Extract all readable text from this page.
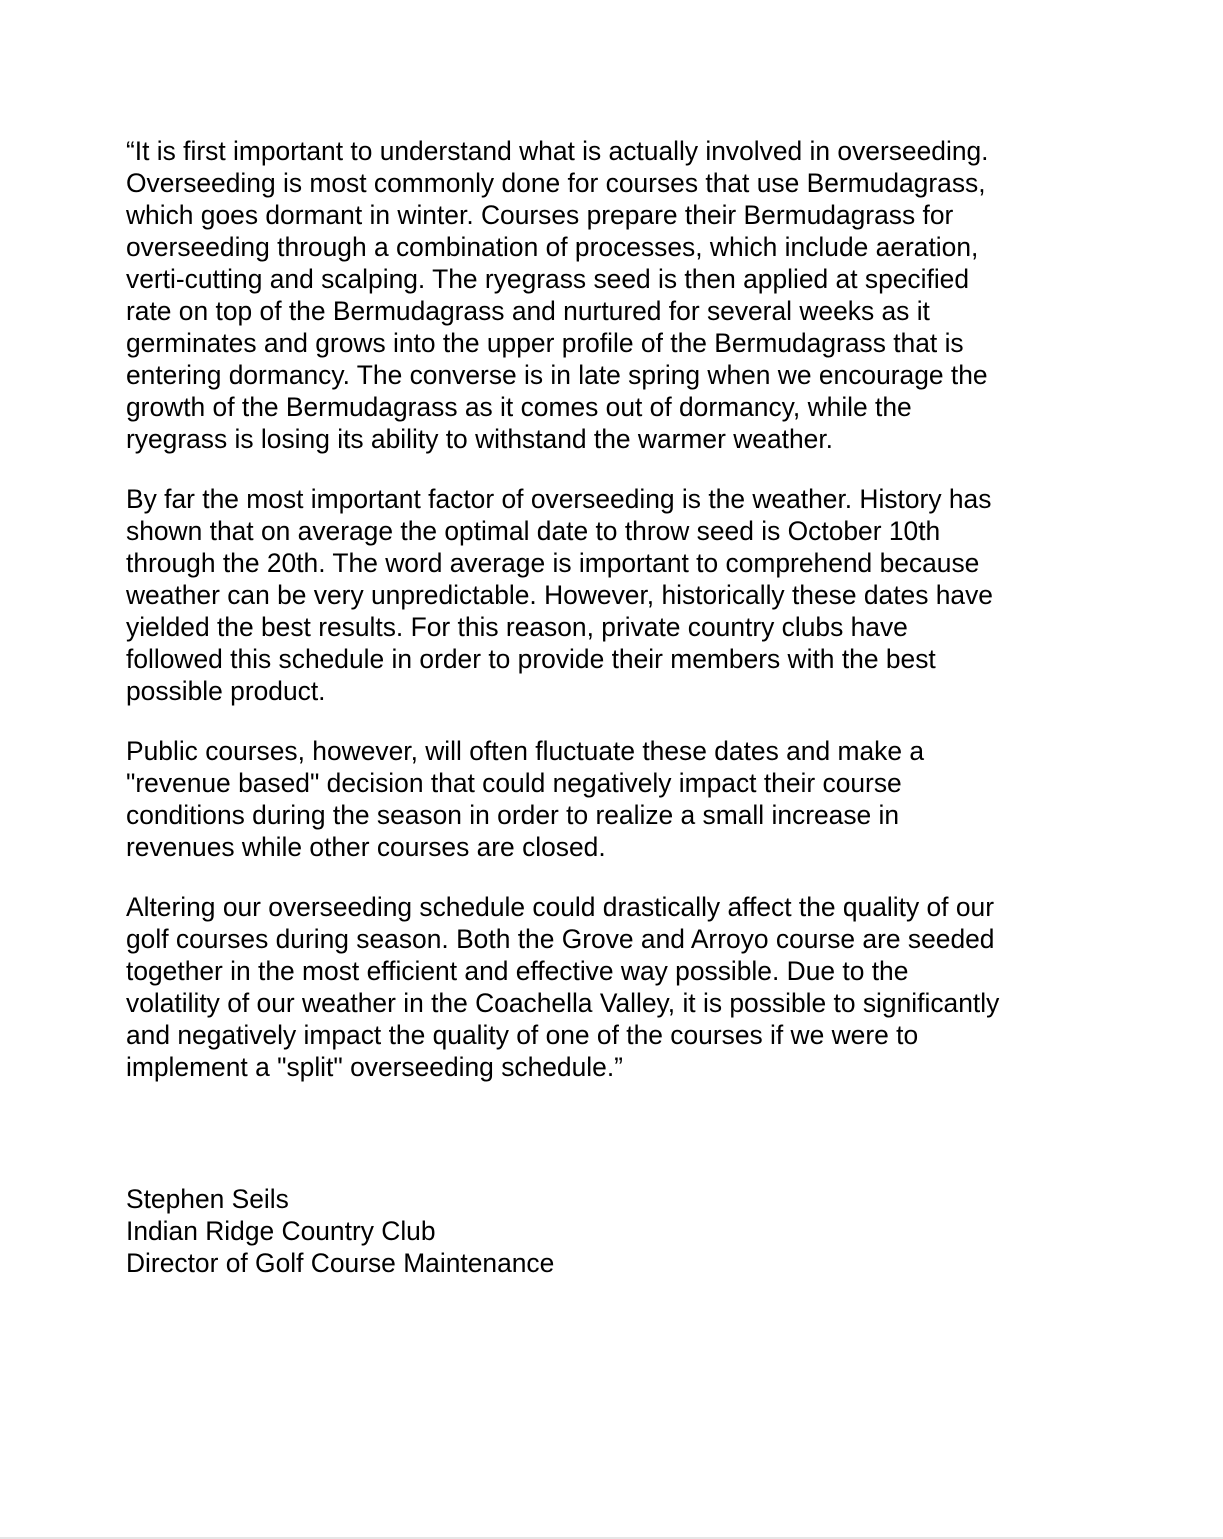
“It is first important to understand what is actually involved in overseeding.
Overseeding is most commonly done for courses that use Bermudagrass,
which goes dormant in winter. Courses prepare their Bermudagrass for
overseeding through a combination of processes, which include aeration,
verti-cutting and scalping. The ryegrass seed is then applied at specified
rate on top of the Bermudagrass and nurtured for several weeks as it
germinates and grows into the upper profile of the Bermudagrass that is
entering dormancy. The converse is in late spring when we encourage the
growth of the Bermudagrass as it comes out of dormancy, while the
ryegrass is losing its ability to withstand the warmer weather.

By far the most important factor of overseeding is the weather. History has
shown that on average the optimal date to throw seed is October 10th
through the 20th. The word average is important to comprehend because
weather can be very unpredictable. However, historically these dates have
yielded the best results. For this reason, private country clubs have
followed this schedule in order to provide their members with the best
possible product.

Public courses, however, will often fluctuate these dates and make a
"revenue based" decision that could negatively impact their course
conditions during the season in order to realize a small increase in
revenues while other courses are closed.

Altering our overseeding schedule could drastically affect the quality of our
golf courses during season. Both the Grove and Arroyo course are seeded
together in the most efficient and effective way possible. Due to the
volatility of our weather in the Coachella Valley, it is possible to significantly
and negatively impact the quality of one of the courses if we were to
implement a "split" overseeding schedule.”

Stephen Seils
Indian Ridge Country Club
Director of Golf Course Maintenance
